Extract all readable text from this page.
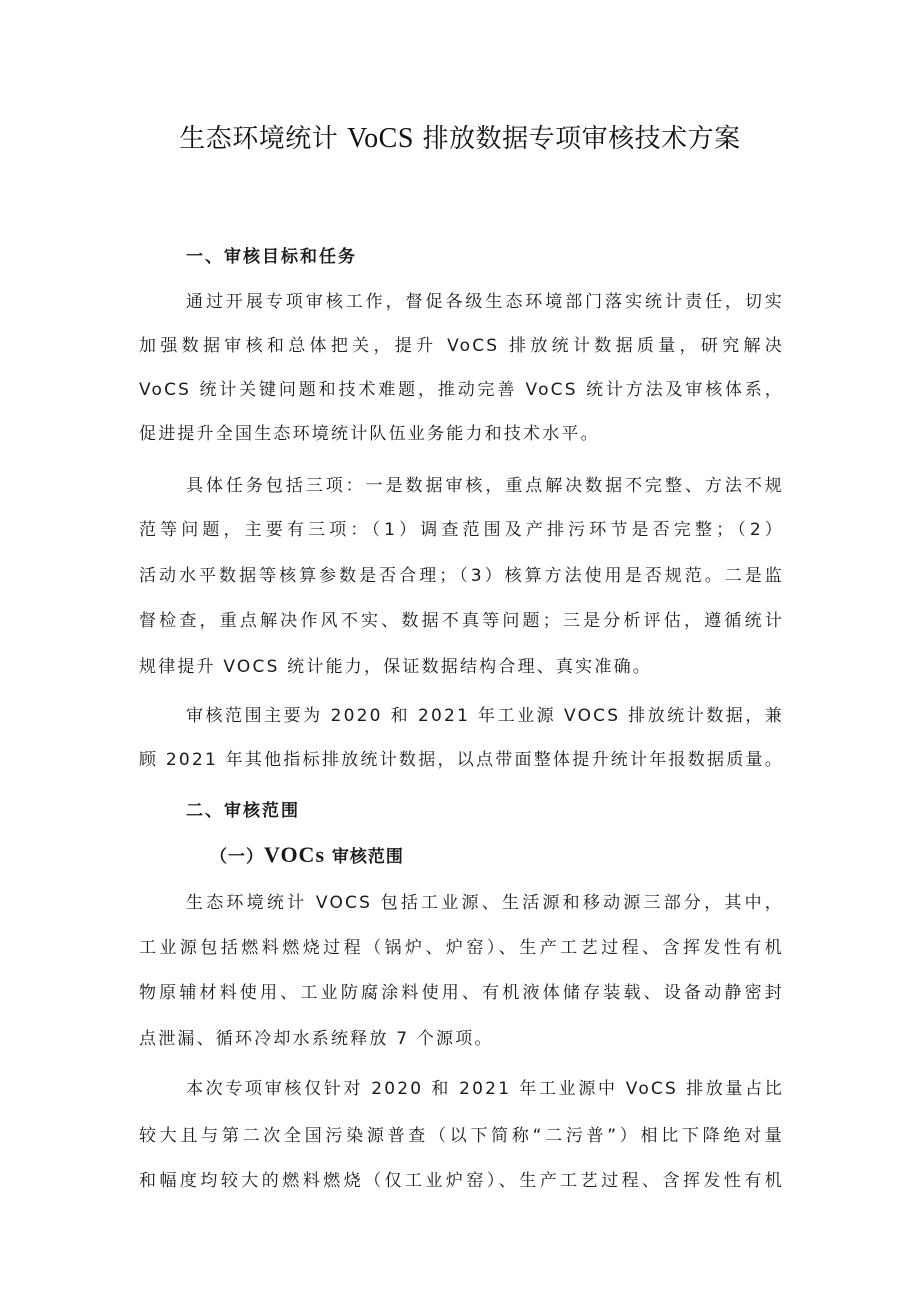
生态环境统计 VoCS 排放数据专项审核技术方案
一、审核目标和任务
通过开展专项审核工作，督促各级生态环境部门落实统计责任，切实
加强数据审核和总体把关，提升 VoCS 排放统计数据质量，研究解决
VoCS 统计关键问题和技术难题，推动完善 VoCS 统计方法及审核体系，
促进提升全国生态环境统计队伍业务能力和技术水平。
具体任务包括三项：一是数据审核，重点解决数据不完整、方法不规
范等问题，主要有三项：（1）调查范围及产排污环节是否完整；（2）
活动水平数据等核算参数是否合理；（3）核算方法使用是否规范。二是监
督检查，重点解决作风不实、数据不真等问题；三是分析评估，遵循统计
规律提升 VOCS 统计能力，保证数据结构合理、真实准确。
审核范围主要为 2020 和 2021 年工业源 VOCS 排放统计数据，兼
顾 2021 年其他指标排放统计数据，以点带面整体提升统计年报数据质量。
二、审核范围
（一）VOCs 审核范围
生态环境统计 VOCS 包括工业源、生活源和移动源三部分，其中，
工业源包括燃料燃烧过程（锅炉、炉窑）、生产工艺过程、含挥发性有机
物原辅材料使用、工业防腐涂料使用、有机液体储存装载、设备动静密封
点泄漏、循环冷却水系统释放 7 个源项。
本次专项审核仅针对 2020 和 2021 年工业源中 VoCS 排放量占比
较大且与第二次全国污染源普查（以下简称“二污普”）相比下降绝对量
和幅度均较大的燃料燃烧（仅工业炉窑）、生产工艺过程、含挥发性有机
